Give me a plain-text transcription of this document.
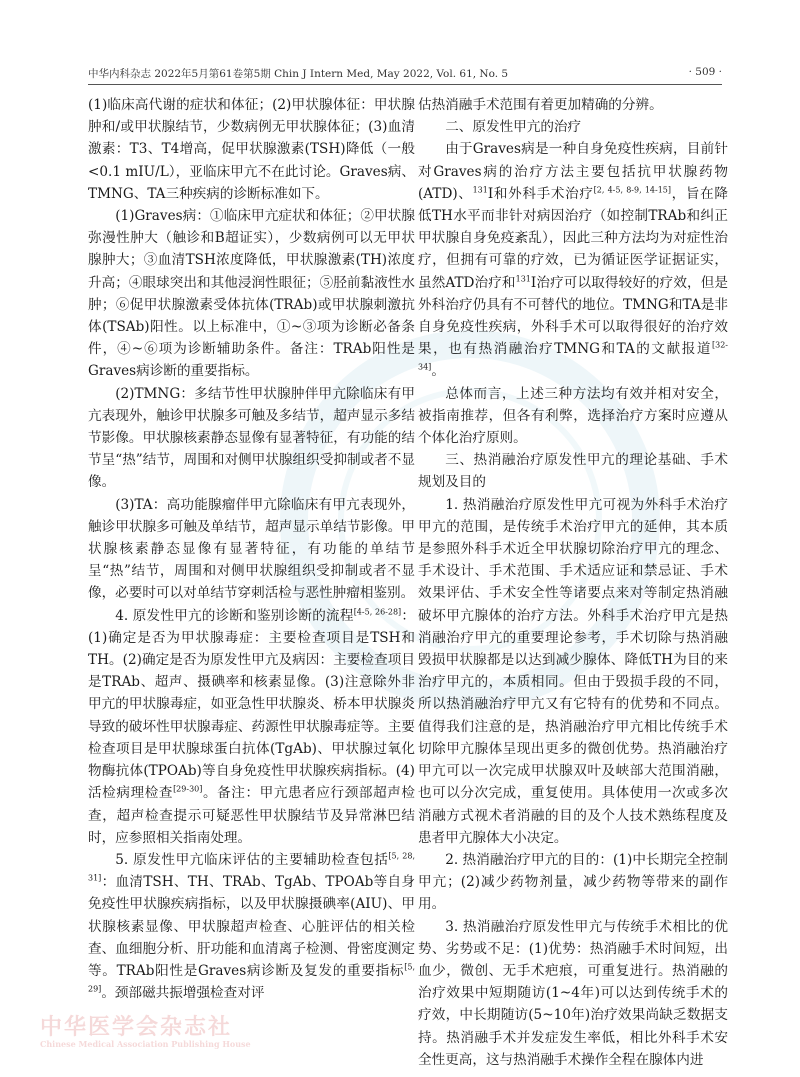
中华内科杂志 2022年5月第61卷第5期 Chin J Intern Med, May 2022, Vol. 61, No. 5	· 509 ·

(1)临床高代谢的症状和体征；(2)甲状腺体征：甲状腺肿和/或甲状腺结节，少数病例无甲状腺体征；(3)血清激素：T3、T4增高，促甲状腺激素(TSH)降低（一般<0.1 mIU/L），亚临床甲亢不在此讨论。Graves病、TMNG、TA三种疾病的诊断标准如下。

(1)Graves病：①临床甲亢症状和体征；②甲状腺弥漫性肿大（触诊和B超证实），少数病例可以无甲状腺肿大；③血清TSH浓度降低，甲状腺激素(TH)浓度升高；④眼球突出和其他浸润性眼征；⑤胫前黏液性水肿；⑥促甲状腺激素受体抗体(TRAb)或甲状腺刺激抗体(TSAb)阳性。以上标准中，①~③项为诊断必备条件，④~⑥项为诊断辅助条件。备注：TRAb阳性是Graves病诊断的重要指标。

(2)TMNG：多结节性甲状腺肿伴甲亢除临床有甲亢表现外，触诊甲状腺多可触及多结节，超声显示多结节影像。甲状腺核素静态显像有显著特征，有功能的结节呈“热”结节，周围和对侧甲状腺组织受抑制或者不显像。

(3)TA：高功能腺瘤伴甲亢除临床有甲亢表现外，触诊甲状腺多可触及单结节，超声显示单结节影像。甲状腺核素静态显像有显著特征，有功能的单结节呈“热”结节，周围和对侧甲状腺组织受抑制或者不显像，必要时可以对单结节穿刺活检与恶性肿瘤相鉴别。

4. 原发性甲亢的诊断和鉴别诊断的流程[4-5, 26-28]：(1)确定是否为甲状腺毒症：主要检查项目是TSH和TH。(2)确定是否为原发性甲亢及病因：主要检查项目是TRAb、超声、摄碘率和核素显像。(3)注意除外非甲亢的甲状腺毒症，如亚急性甲状腺炎、桥本甲状腺炎导致的破坏性甲状腺毒症、药源性甲状腺毒症等。主要检查项目是甲状腺球蛋白抗体(TgAb)、甲状腺过氧化物酶抗体(TPOAb)等自身免疫性甲状腺疾病指标。(4)活检病理检查[29-30]。备注：甲亢患者应行颈部超声检查，超声检查提示可疑恶性甲状腺结节及异常淋巴结时，应参照相关指南处理。

5. 原发性甲亢临床评估的主要辅助检查包括[5, 28, 31]：血清TSH、TH、TRAb、TgAb、TPOAb等自身免疫性甲状腺疾病指标，以及甲状腺摄碘率(AIU)、甲状腺核素显像、甲状腺超声检查、心脏评估的相关检查、血细胞分析、肝功能和血清离子检测、骨密度测定等。TRAb阳性是Graves病诊断及复发的重要指标[5, 29]。颈部磁共振增强检查对评

估热消融手术范围有着更加精确的分辨。

二、原发性甲亢的治疗

由于Graves病是一种自身免疫性疾病，目前针对Graves病的治疗方法主要包括抗甲状腺药物(ATD)、$^{131}$I和外科手术治疗[2, 4-5, 8-9, 14-15]，旨在降低TH水平而非针对病因治疗（如控制TRAb和纠正甲状腺自身免疫紊乱），因此三种方法均为对症性治疗，但拥有可靠的疗效，已为循证医学证据证实，虽然ATD治疗和$^{131}$I治疗可以取得较好的疗效，但是外科治疗仍具有不可替代的地位。TMNG和TA是非自身免疫性疾病，外科手术可以取得很好的治疗效果，也有热消融治疗TMNG和TA的文献报道[32-34]。

总体而言，上述三种方法均有效并相对安全，被指南推荐，但各有利弊，选择治疗方案时应遵从个体化治疗原则。

三、热消融治疗原发性甲亢的理论基础、手术规划及目的

1. 热消融治疗原发性甲亢可视为外科手术治疗甲亢的范围，是传统手术治疗甲亢的延伸，其本质是参照外科手术近全甲状腺切除治疗甲亢的理念、手术设计、手术范围、手术适应证和禁忌证、手术效果评估、手术安全性等诸要点来对等制定热消融破坏甲亢腺体的治疗方法。外科手术治疗甲亢是热消融治疗甲亢的重要理论参考，手术切除与热消融毁损甲状腺都是以达到减少腺体、降低TH为目的来治疗甲亢的，本质相同。但由于毁损手段的不同，所以热消融治疗甲亢又有它特有的优势和不同点。值得我们注意的是，热消融治疗甲亢相比传统手术切除甲亢腺体呈现出更多的微创优势。热消融治疗甲亢可以一次完成甲状腺双叶及峡部大范围消融，也可以分次完成，重复使用。具体使用一次或多次消融方式视术者消融的目的及个人技术熟练程度及患者甲亢腺体大小决定。

2. 热消融治疗甲亢的目的：(1)中长期完全控制甲亢；(2)减少药物剂量，减少药物等带来的副作用。

3. 热消融治疗原发性甲亢与传统手术相比的优势、劣势或不足：(1)优势：热消融手术时间短，出血少，微创、无手术疤痕，可重复进行。热消融的治疗效果中短期随访(1~4年)可以达到传统手术的疗效，中长期随访(5~10年)治疗效果尚缺乏数据支持。热消融手术并发症发生率低，相比外科手术安全性更高，这与热消融手术操作全程在腺体内进

中华医学会杂志社
Chinese Medical Association Publishing House
